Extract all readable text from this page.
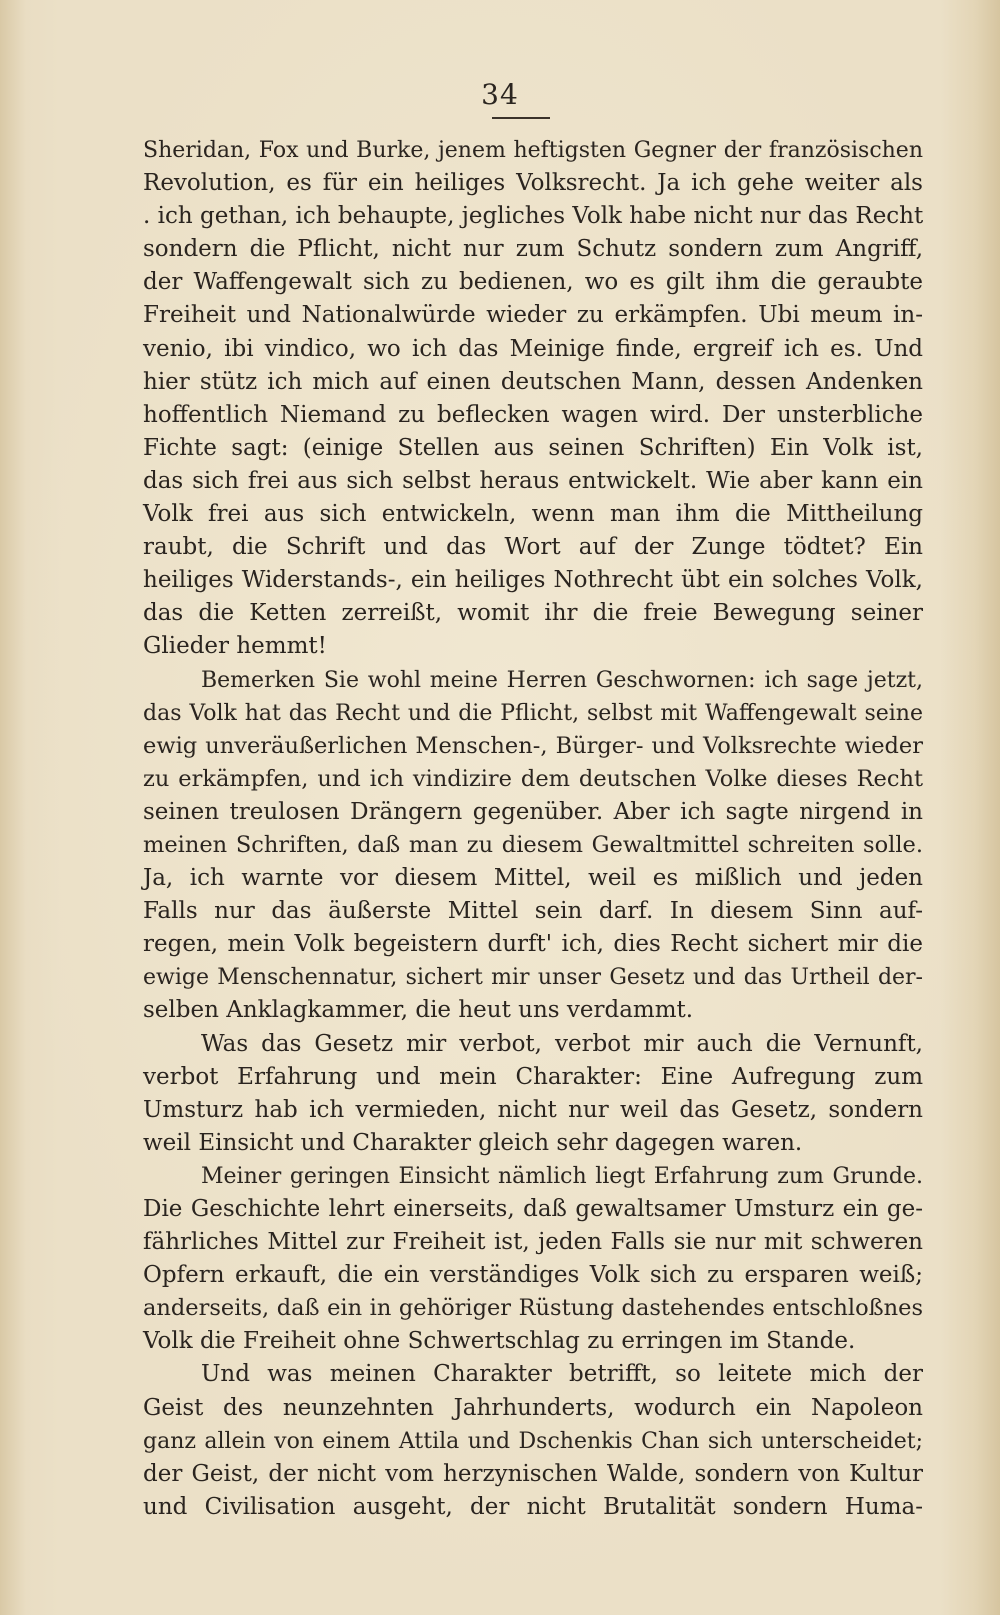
34
Sheridan, Fox und Burke, jenem heftigsten Gegner der französischen
Revolution, es für ein heiliges Volksrecht. Ja ich gehe weiter als
. ich gethan, ich behaupte, jegliches Volk habe nicht nur das Recht
sondern die Pflicht, nicht nur zum Schutz sondern zum Angriff,
der Waffengewalt sich zu bedienen, wo es gilt ihm die geraubte
Freiheit und Nationalwürde wieder zu erkämpfen. Ubi meum in-
venio, ibi vindico, wo ich das Meinige finde, ergreif ich es. Und
hier stütz ich mich auf einen deutschen Mann, dessen Andenken
hoffentlich Niemand zu beflecken wagen wird. Der unsterbliche
Fichte sagt: (einige Stellen aus seinen Schriften) Ein Volk ist,
das sich frei aus sich selbst heraus entwickelt. Wie aber kann ein
Volk frei aus sich entwickeln, wenn man ihm die Mittheilung
raubt, die Schrift und das Wort auf der Zunge tödtet? Ein
heiliges Widerstands-, ein heiliges Nothrecht übt ein solches Volk,
das die Ketten zerreißt, womit ihr die freie Bewegung seiner
Glieder hemmt!
Bemerken Sie wohl meine Herren Geschwornen: ich sage jetzt,
das Volk hat das Recht und die Pflicht, selbst mit Waffengewalt seine
ewig unveräußerlichen Menschen-, Bürger- und Volksrechte wieder
zu erkämpfen, und ich vindizire dem deutschen Volke dieses Recht
seinen treulosen Drängern gegenüber. Aber ich sagte nirgend in
meinen Schriften, daß man zu diesem Gewaltmittel schreiten solle.
Ja, ich warnte vor diesem Mittel, weil es mißlich und jeden
Falls nur das äußerste Mittel sein darf. In diesem Sinn auf-
regen, mein Volk begeistern durft' ich, dies Recht sichert mir die
ewige Menschennatur, sichert mir unser Gesetz und das Urtheil der-
selben Anklagkammer, die heut uns verdammt.
Was das Gesetz mir verbot, verbot mir auch die Vernunft,
verbot Erfahrung und mein Charakter: Eine Aufregung zum
Umsturz hab ich vermieden, nicht nur weil das Gesetz, sondern
weil Einsicht und Charakter gleich sehr dagegen waren.
Meiner geringen Einsicht nämlich liegt Erfahrung zum Grunde.
Die Geschichte lehrt einerseits, daß gewaltsamer Umsturz ein ge-
fährliches Mittel zur Freiheit ist, jeden Falls sie nur mit schweren
Opfern erkauft, die ein verständiges Volk sich zu ersparen weiß;
anderseits, daß ein in gehöriger Rüstung dastehendes entschloßnes
Volk die Freiheit ohne Schwertschlag zu erringen im Stande.
Und was meinen Charakter betrifft, so leitete mich der
Geist des neunzehnten Jahrhunderts, wodurch ein Napoleon
ganz allein von einem Attila und Dschenkis Chan sich unterscheidet;
der Geist, der nicht vom herzynischen Walde, sondern von Kultur
und Civilisation ausgeht, der nicht Brutalität sondern Huma-
